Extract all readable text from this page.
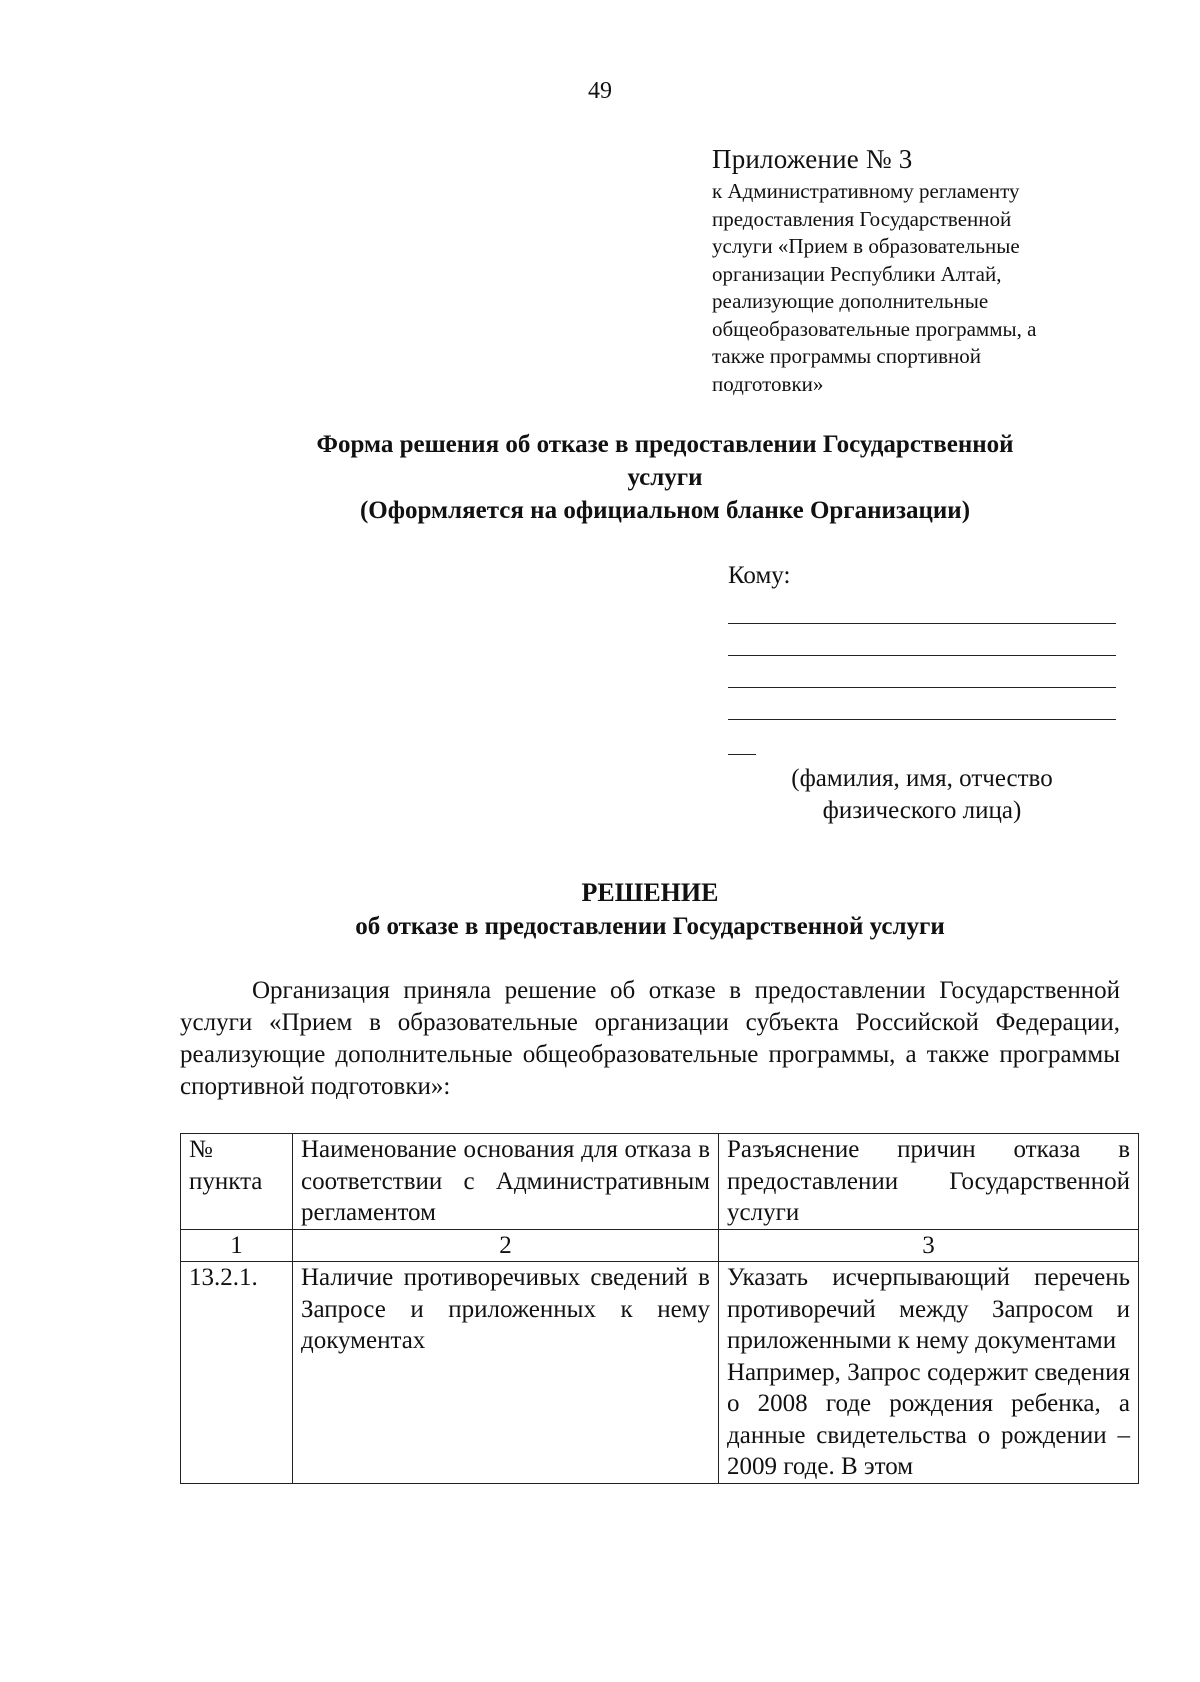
49
Приложение № 3
к Административному регламенту
предоставления Государственной
услуги «Прием в образовательные
организации Республики Алтай,
реализующие дополнительные
общеобразовательные программы, а
также программы спортивной
подготовки»
Форма решения об отказе в предоставлении Государственной
услуги
(Оформляется на официальном бланке Организации)
Кому:
(фамилия, имя, отчество
физического лица)
РЕШЕНИЕ
об отказе в предоставлении Государственной услуги

Организация приняла решение об отказе в предоставлении Государственной услуги «Прием в образовательные организации субъекта Российской Федерации, реализующие дополнительные общеобразовательные программы, а также программы спортивной подготовки»:

№ пункта	Наименование основания для отказа в соответствии с Административным регламентом	Разъяснение причин отказа в предоставлении Государственной услуги
1	2	3
13.2.1.	Наличие противоречивых сведений в Запросе и приложенных к нему документах	Указать исчерпывающий перечень противоречий между Запросом и приложенными к нему документами
Например, Запрос содержит сведения о 2008 годе рождения ребенка, а данные свидетельства о рождении – 2009 годе. В этом
